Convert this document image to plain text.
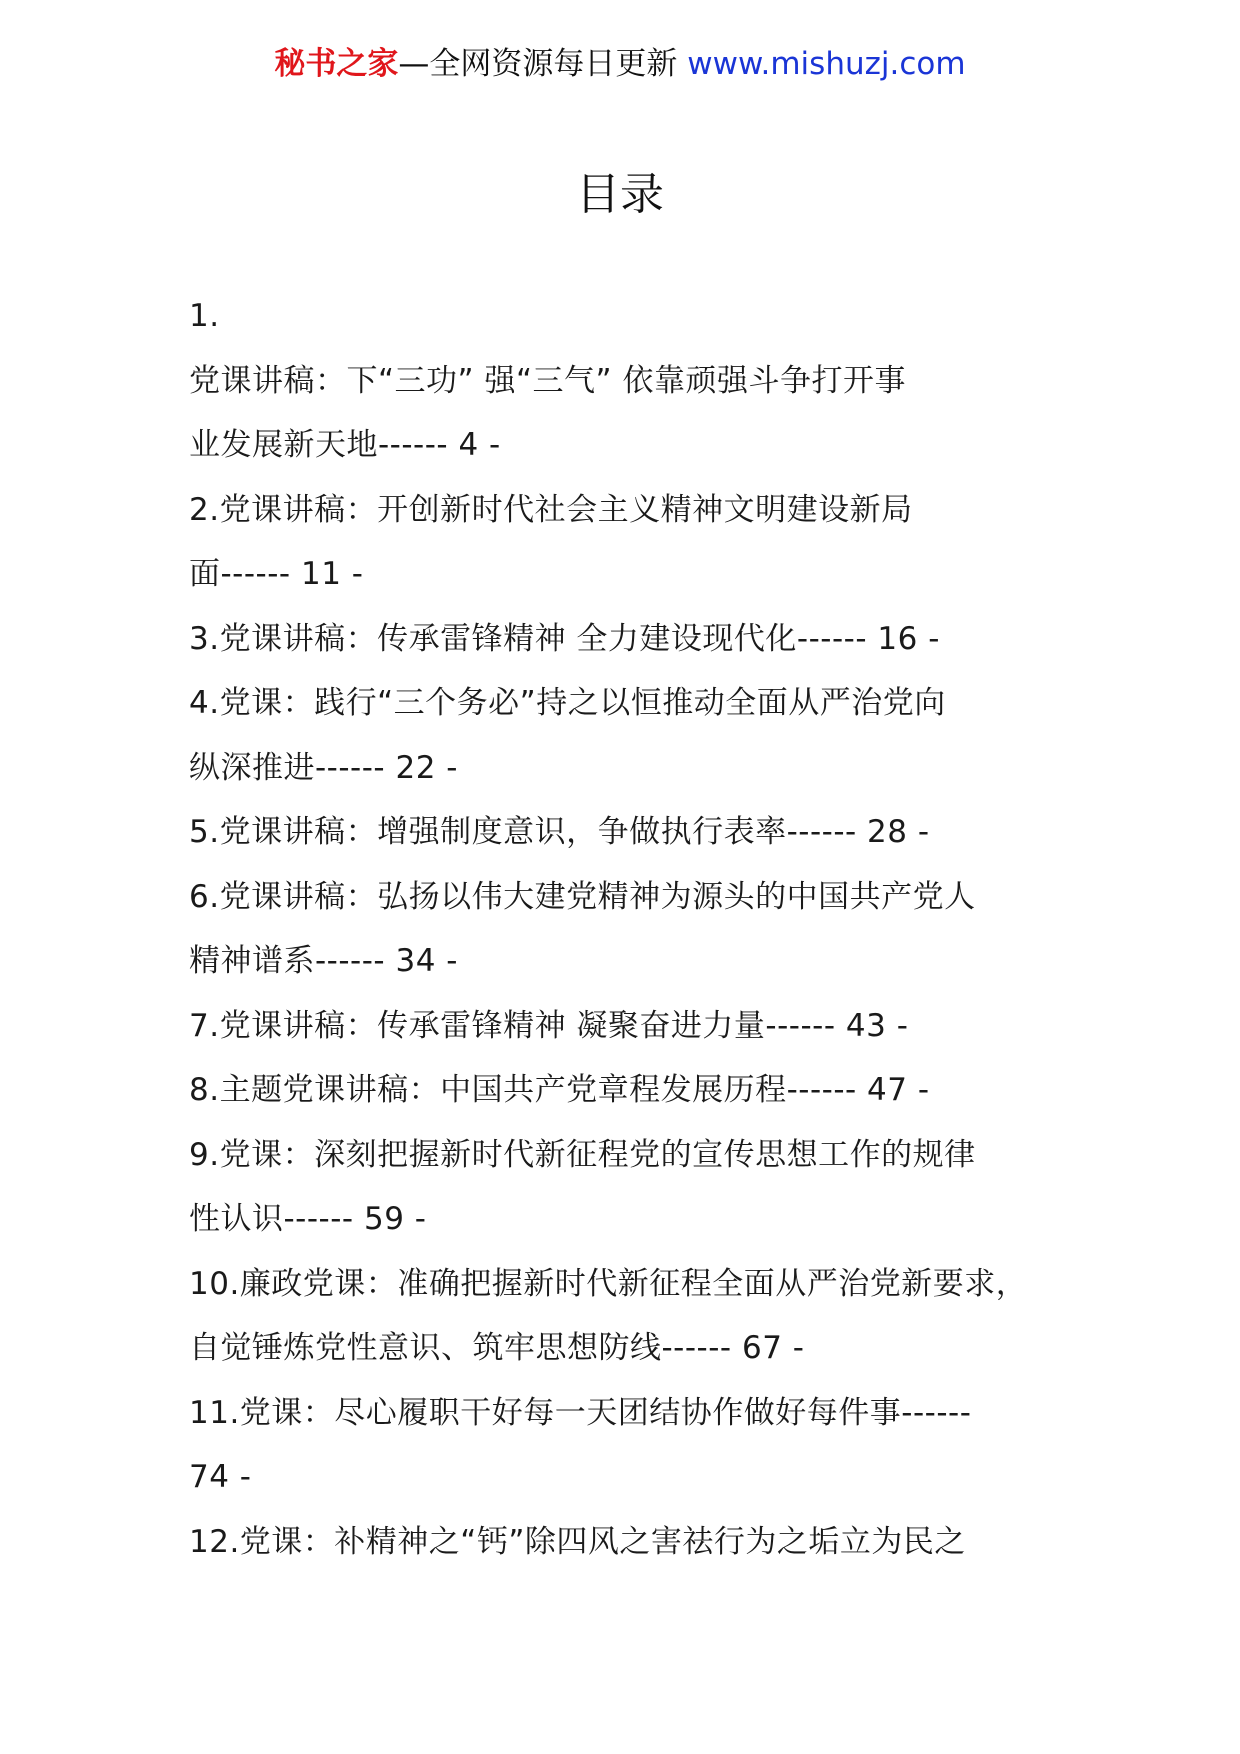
秘书之家—全网资源每日更新 www.mishuzj.com
目录
1.
党课讲稿：下“三功” 强“三气” 依靠顽强斗争打开事
业发展新天地------ 4 -
2.党课讲稿：开创新时代社会主义精神文明建设新局
面------ 11 -
3.党课讲稿：传承雷锋精神 全力建设现代化------ 16 -
4.党课：践行“三个务必”持之以恒推动全面从严治党向
纵深推进------ 22 -
5.党课讲稿：增强制度意识，争做执行表率------ 28 -
6.党课讲稿：弘扬以伟大建党精神为源头的中国共产党人
精神谱系------ 34 -
7.党课讲稿：传承雷锋精神 凝聚奋进力量------ 43 -
8.主题党课讲稿：中国共产党章程发展历程------ 47 -
9.党课：深刻把握新时代新征程党的宣传思想工作的规律
性认识------ 59 -
10.廉政党课：准确把握新时代新征程全面从严治党新要求，
自觉锤炼党性意识、筑牢思想防线------ 67 -
11.党课：尽心履职干好每一天团结协作做好每件事------
74 -
12.党课：补精神之“钙”除四风之害祛行为之垢立为民之
